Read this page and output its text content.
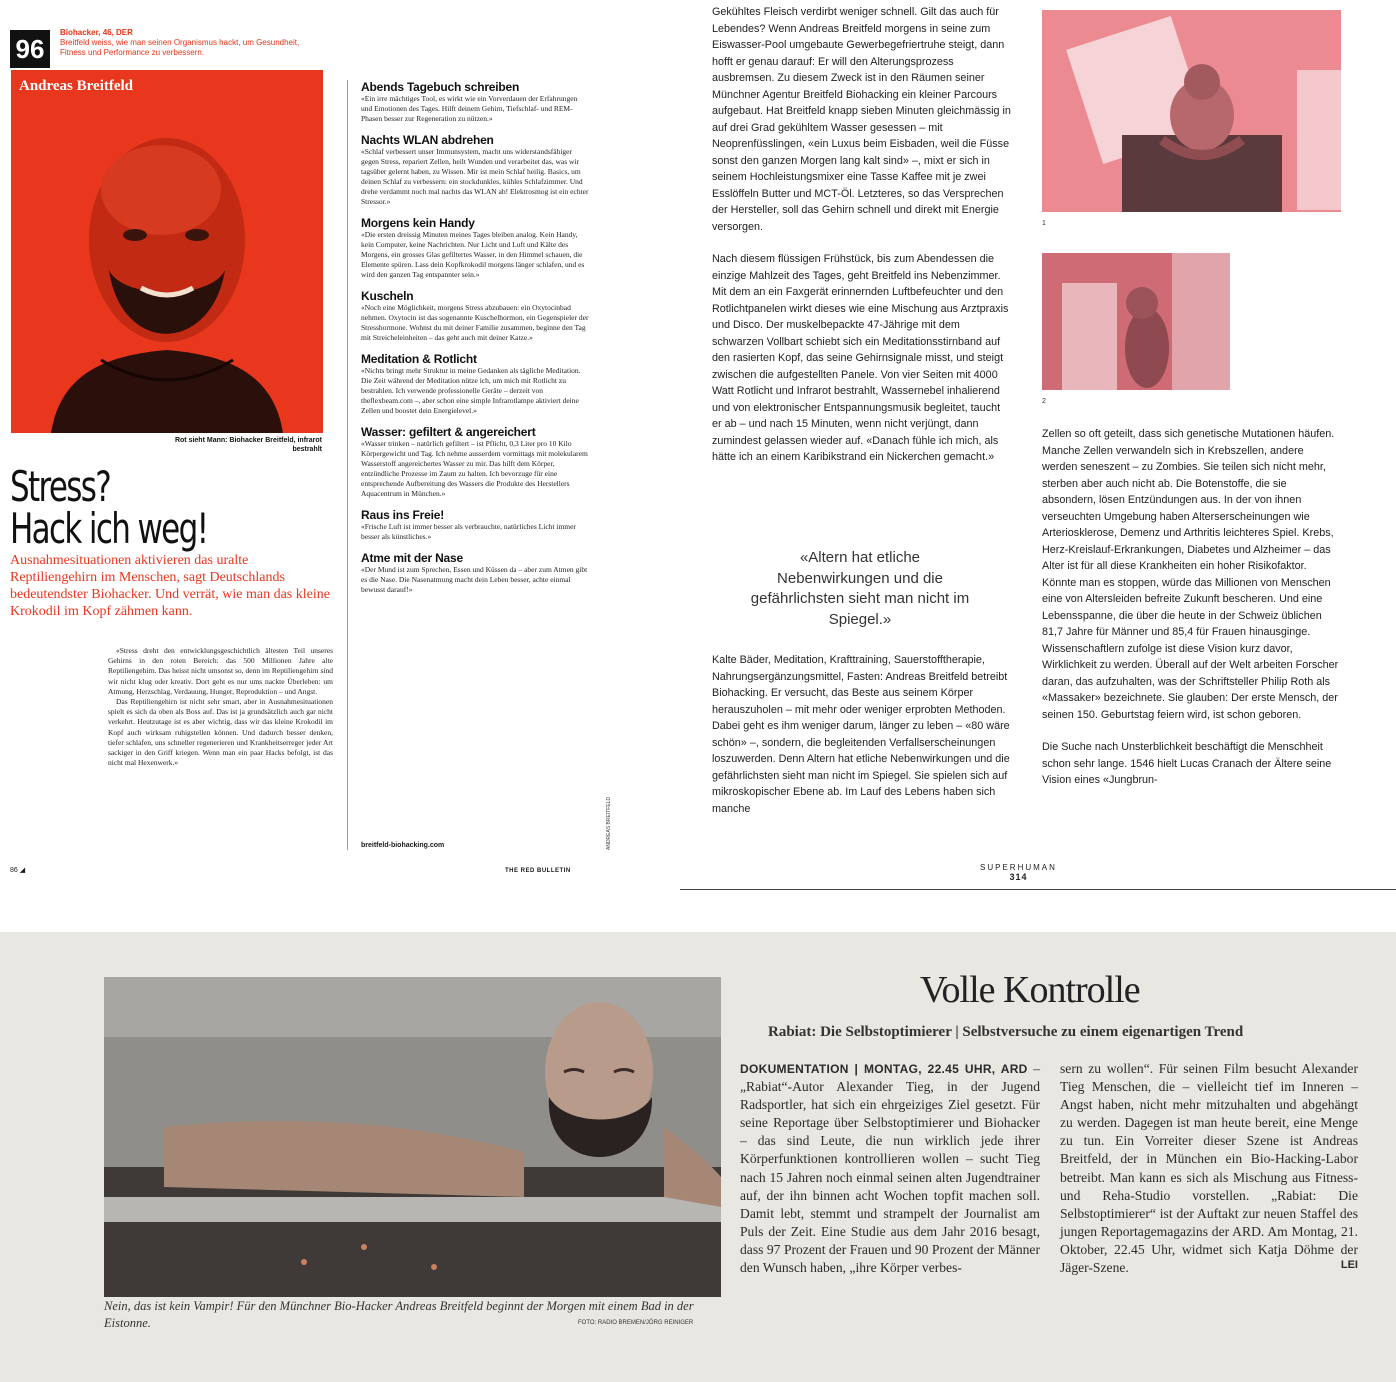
96
Biohacker, 46, DER
Breitfeld weiss, wie man seinen Organismus hackt, um Gesundheit, Fitness und Performance zu verbessern.
Andreas Breitfeld
Rot sieht Mann: Biohacker Breitfeld, infrarot bestrahlt
Stress?
Hack ich weg!
Ausnahmesituationen aktivieren das uralte Reptiliengehirn im Menschen, sagt Deutschlands bedeutendster Biohacker. Und verrät, wie man das kleine Krokodil im Kopf zähmen kann.

«Stress dreht den entwicklungsgeschichtlich ältesten Teil unseres Gehirns in den roten Bereich: das 500 Millionen Jahre alte Reptiliengehirn. Das heisst nicht umsonst so, denn im Reptiliengehirn sind wir nicht klug oder kreativ. Dort geht es nur ums nackte Überleben: um Atmung, Herzschlag, Verdauung, Hunger, Reproduktion – und Angst.

Das Reptiliengehirn ist nicht sehr smart, aber in Ausnahmesituationen spielt es sich da oben als Boss auf. Das ist ja grundsätzlich auch gar nicht verkehrt. Heutzutage ist es aber wichtig, dass wir das kleine Krokodil im Kopf auch wirksam ruhigstellen können. Und dadurch besser denken, tiefer schlafen, uns schneller regenerieren und Krankheitserreger jeder Art sackiger in den Griff kriegen. Wenn man ein paar Hacks befolgt, ist das nicht mal Hexenwerk.»

Abends Tagebuch schreiben

«Ein irre mächtiges Tool, es wirkt wie ein Vorverdauen der Erfahrungen und Emotionen des Tages. Hilft deinem Gehirn, Tiefschlaf- und REM-Phasen besser zur Regeneration zu nützen.»

Nachts WLAN abdrehen

«Schlaf verbessert unser Immunsystem, macht uns widerstandsfähiger gegen Stress, repariert Zellen, heilt Wunden und verarbeitet das, was wir tagsüber gelernt haben, zu Wissen. Mir ist mein Schlaf heilig. Basics, um deinen Schlaf zu verbessern: ein stockdunkles, kühles Schlafzimmer. Und drehe verdammt noch mal nachts das WLAN ab! Elektrosmog ist ein echter Stressor.»

Morgens kein Handy

«Die ersten dreissig Minuten meines Tages bleiben analog. Kein Handy, kein Computer, keine Nachrichten. Nur Licht und Luft und Kälte des Morgens, ein grosses Glas gefiltertes Wasser, in den Himmel schauen, die Elemente spüren. Lass dein Kopfkrokodil morgens länger schlafen, und es wird den ganzen Tag entspannter sein.»

Kuscheln

«Noch eine Möglichkeit, morgens Stress abzubauen: ein Oxytocinbad nehmen. Oxytocin ist das sogenannte Kuschelhormon, ein Gegenspieler der Stresshormone. Wohnst du mit deiner Familie zusammen, beginne den Tag mit Streicheleinheiten – das geht auch mit deiner Katze.»

Meditation & Rotlicht

«Nichts bringt mehr Struktur in meine Gedanken als tägliche Meditation. Die Zeit während der Meditation nütze ich, um mich mit Rotlicht zu bestrahlen. Ich verwende professionelle Geräte – derzeit von theflexbeam.com –, aber schon eine simple Infrarotlampe aktiviert deine Zellen und boostet dein Energielevel.»

Wasser: gefiltert & angereichert

«Wasser trinken – natürlich gefiltert – ist Pflicht, 0,3 Liter pro 10 Kilo Körpergewicht und Tag. Ich nehme ausserdem vormittags mit molekularem Wasserstoff angereichertes Wasser zu mir. Das hilft dem Körper, entzündliche Prozesse im Zaum zu halten. Ich bevorzuge für eine entsprechende Aufbereitung des Wassers die Produkte des Herstellers Aquacentrum in München.»

Raus ins Freie!

«Frische Luft ist immer besser als verbrauchte, natürliches Licht immer besser als künstliches.»

Atme mit der Nase

«Der Mund ist zum Sprechen, Essen und Küssen da – aber zum Atmen gibt es die Nase. Die Nasenatmung macht dein Leben besser, achte einmal bewusst darauf!»

breitfeld-biohacking.com	ANDREAS BREITFELD
86 ◢	THE RED BULLETIN

Gekühltes Fleisch verdirbt weniger schnell. Gilt das auch für Lebendes? Wenn Andreas Breitfeld morgens in seine zum Eiswasser-Pool umgebaute Gewerbegefriertruhe steigt, dann hofft er genau darauf: Er will den Alterungsprozess ausbremsen. Zu diesem Zweck ist in den Räumen seiner Münchner Agentur Breitfeld Biohacking ein kleiner Parcours aufgebaut. Hat Breitfeld knapp sieben Minuten gleichmässig in auf drei Grad gekühltem Wasser gesessen – mit Neoprenfüsslingen, «ein Luxus beim Eisbaden, weil die Füsse sonst den ganzen Morgen lang kalt sind» –, mixt er sich in seinem Hochleistungsmixer eine Tasse Kaffee mit je zwei Esslöffeln Butter und MCT-Öl. Letzteres, so das Versprechen der Hersteller, soll das Gehirn schnell und direkt mit Energie versorgen.

Nach diesem flüssigen Frühstück, bis zum Abendessen die einzige Mahlzeit des Tages, geht Breitfeld ins Nebenzimmer. Mit dem an ein Faxgerät erinnernden Luftbefeuchter und den Rotlichtpanelen wirkt dieses wie eine Mischung aus Arztpraxis und Disco. Der muskelbepackte 47-Jährige mit dem schwarzen Vollbart schiebt sich ein Meditationsstirnband auf den rasierten Kopf, das seine Gehirnsignale misst, und steigt zwischen die aufgestellten Panele. Von vier Seiten mit 4000 Watt Rotlicht und Infrarot bestrahlt, Wassernebel inhalierend und von elektronischer Entspannungsmusik begleitet, taucht er ab – und nach 15 Minuten, wenn nicht verjüngt, dann zumindest gelassen wieder auf. «Danach fühle ich mich, als hätte ich an einem Karibikstrand ein Nickerchen gemacht.»

«Altern hat etliche Nebenwirkungen und die gefährlichsten sieht man nicht im Spiegel.»

Kalte Bäder, Meditation, Krafttraining, Sauerstofftherapie, Nahrungsergänzungsmittel, Fasten: Andreas Breitfeld betreibt Biohacking. Er versucht, das Beste aus seinem Körper herauszuholen – mit mehr oder weniger erprobten Methoden. Dabei geht es ihm weniger darum, länger zu leben – «80 wäre schön» –, sondern, die begleitenden Verfallserscheinungen loszuwerden. Denn Altern hat etliche Nebenwirkungen und die gefährlichsten sieht man nicht im Spiegel. Sie spielen sich auf mikroskopischer Ebene ab. Im Lauf des Lebens haben sich manche

1
2

Zellen so oft geteilt, dass sich genetische Mutationen häufen. Manche Zellen verwandeln sich in Krebszellen, andere werden seneszent – zu Zombies. Sie teilen sich nicht mehr, sterben aber auch nicht ab. Die Botenstoffe, die sie absondern, lösen Entzündungen aus. In der von ihnen verseuchten Umgebung haben Alterserscheinungen wie Arteriosklerose, Demenz und Arthritis leichteres Spiel. Krebs, Herz-Kreislauf-Erkrankungen, Diabetes und Alzheimer – das Alter ist für all diese Krankheiten ein hoher Risikofaktor. Könnte man es stoppen, würde das Millionen von Menschen eine von Altersleiden befreite Zukunft bescheren. Und eine Lebensspanne, die über die heute in der Schweiz üblichen 81,7 Jahre für Männer und 85,4 für Frauen hinausginge. Wissenschaftlern zufolge ist diese Vision kurz davor, Wirklichkeit zu werden. Überall auf der Welt arbeiten Forscher daran, das aufzuhalten, was der Schriftsteller Philip Roth als «Massaker» bezeichnete. Sie glauben: Der erste Mensch, der seinen 150. Geburtstag feiern wird, ist schon geboren.

Die Suche nach Unsterblichkeit beschäftigt die Menschheit schon sehr lange. 1546 hielt Lucas Cranach der Ältere seine Vision eines «Jungbrun-

SUPERHUMAN
314
Nein, das ist kein Vampir! Für den Münchner Bio-Hacker Andreas Breitfeld beginnt der Morgen mit einem Bad in der Eistonne.	FOTO: RADIO BREMEN/JÖRG REINIGER
Volle Kontrolle
Rabiat: Die Selbstoptimierer | Selbstversuche zu einem eigenartigen Trend
DOKUMENTATION | MONTAG, 22.45 UHR, ARD – „Rabiat“-Autor Alexander Tieg, in der Jugend Radsportler, hat sich ein ehrgeiziges Ziel gesetzt. Für seine Reportage über Selbstoptimierer und Biohacker – das sind Leute, die nun wirklich jede ihrer Körperfunktionen kontrollieren wollen – sucht Tieg nach 15 Jahren noch einmal seinen alten Jugendtrainer auf, der ihn binnen acht Wochen topfit machen soll. Damit lebt, stemmt und strampelt der Journalist am Puls der Zeit. Eine Studie aus dem Jahr 2016 besagt, dass 97 Prozent der Frauen und 90 Prozent der Männer den Wunsch haben, „ihre Körper verbes-
sern zu wollen“. Für seinen Film besucht Alexander Tieg Menschen, die – vielleicht tief im Inneren – Angst haben, nicht mehr mitzuhalten und abgehängt zu werden. Dagegen ist man heute bereit, eine Menge zu tun. Ein Vorreiter dieser Szene ist Andreas Breitfeld, der in München ein Bio-Hacking-Labor betreibt. Man kann es sich als Mischung aus Fitness- und Reha-Studio vorstellen. „Rabiat: Die Selbstoptimierer“ ist der Auftakt zur neuen Staffel des jungen Reportagemagazins der ARD. Am Montag, 21. Oktober, 22.45 Uhr, widmet sich Katja Döhme der Jäger-Szene.	LEI
